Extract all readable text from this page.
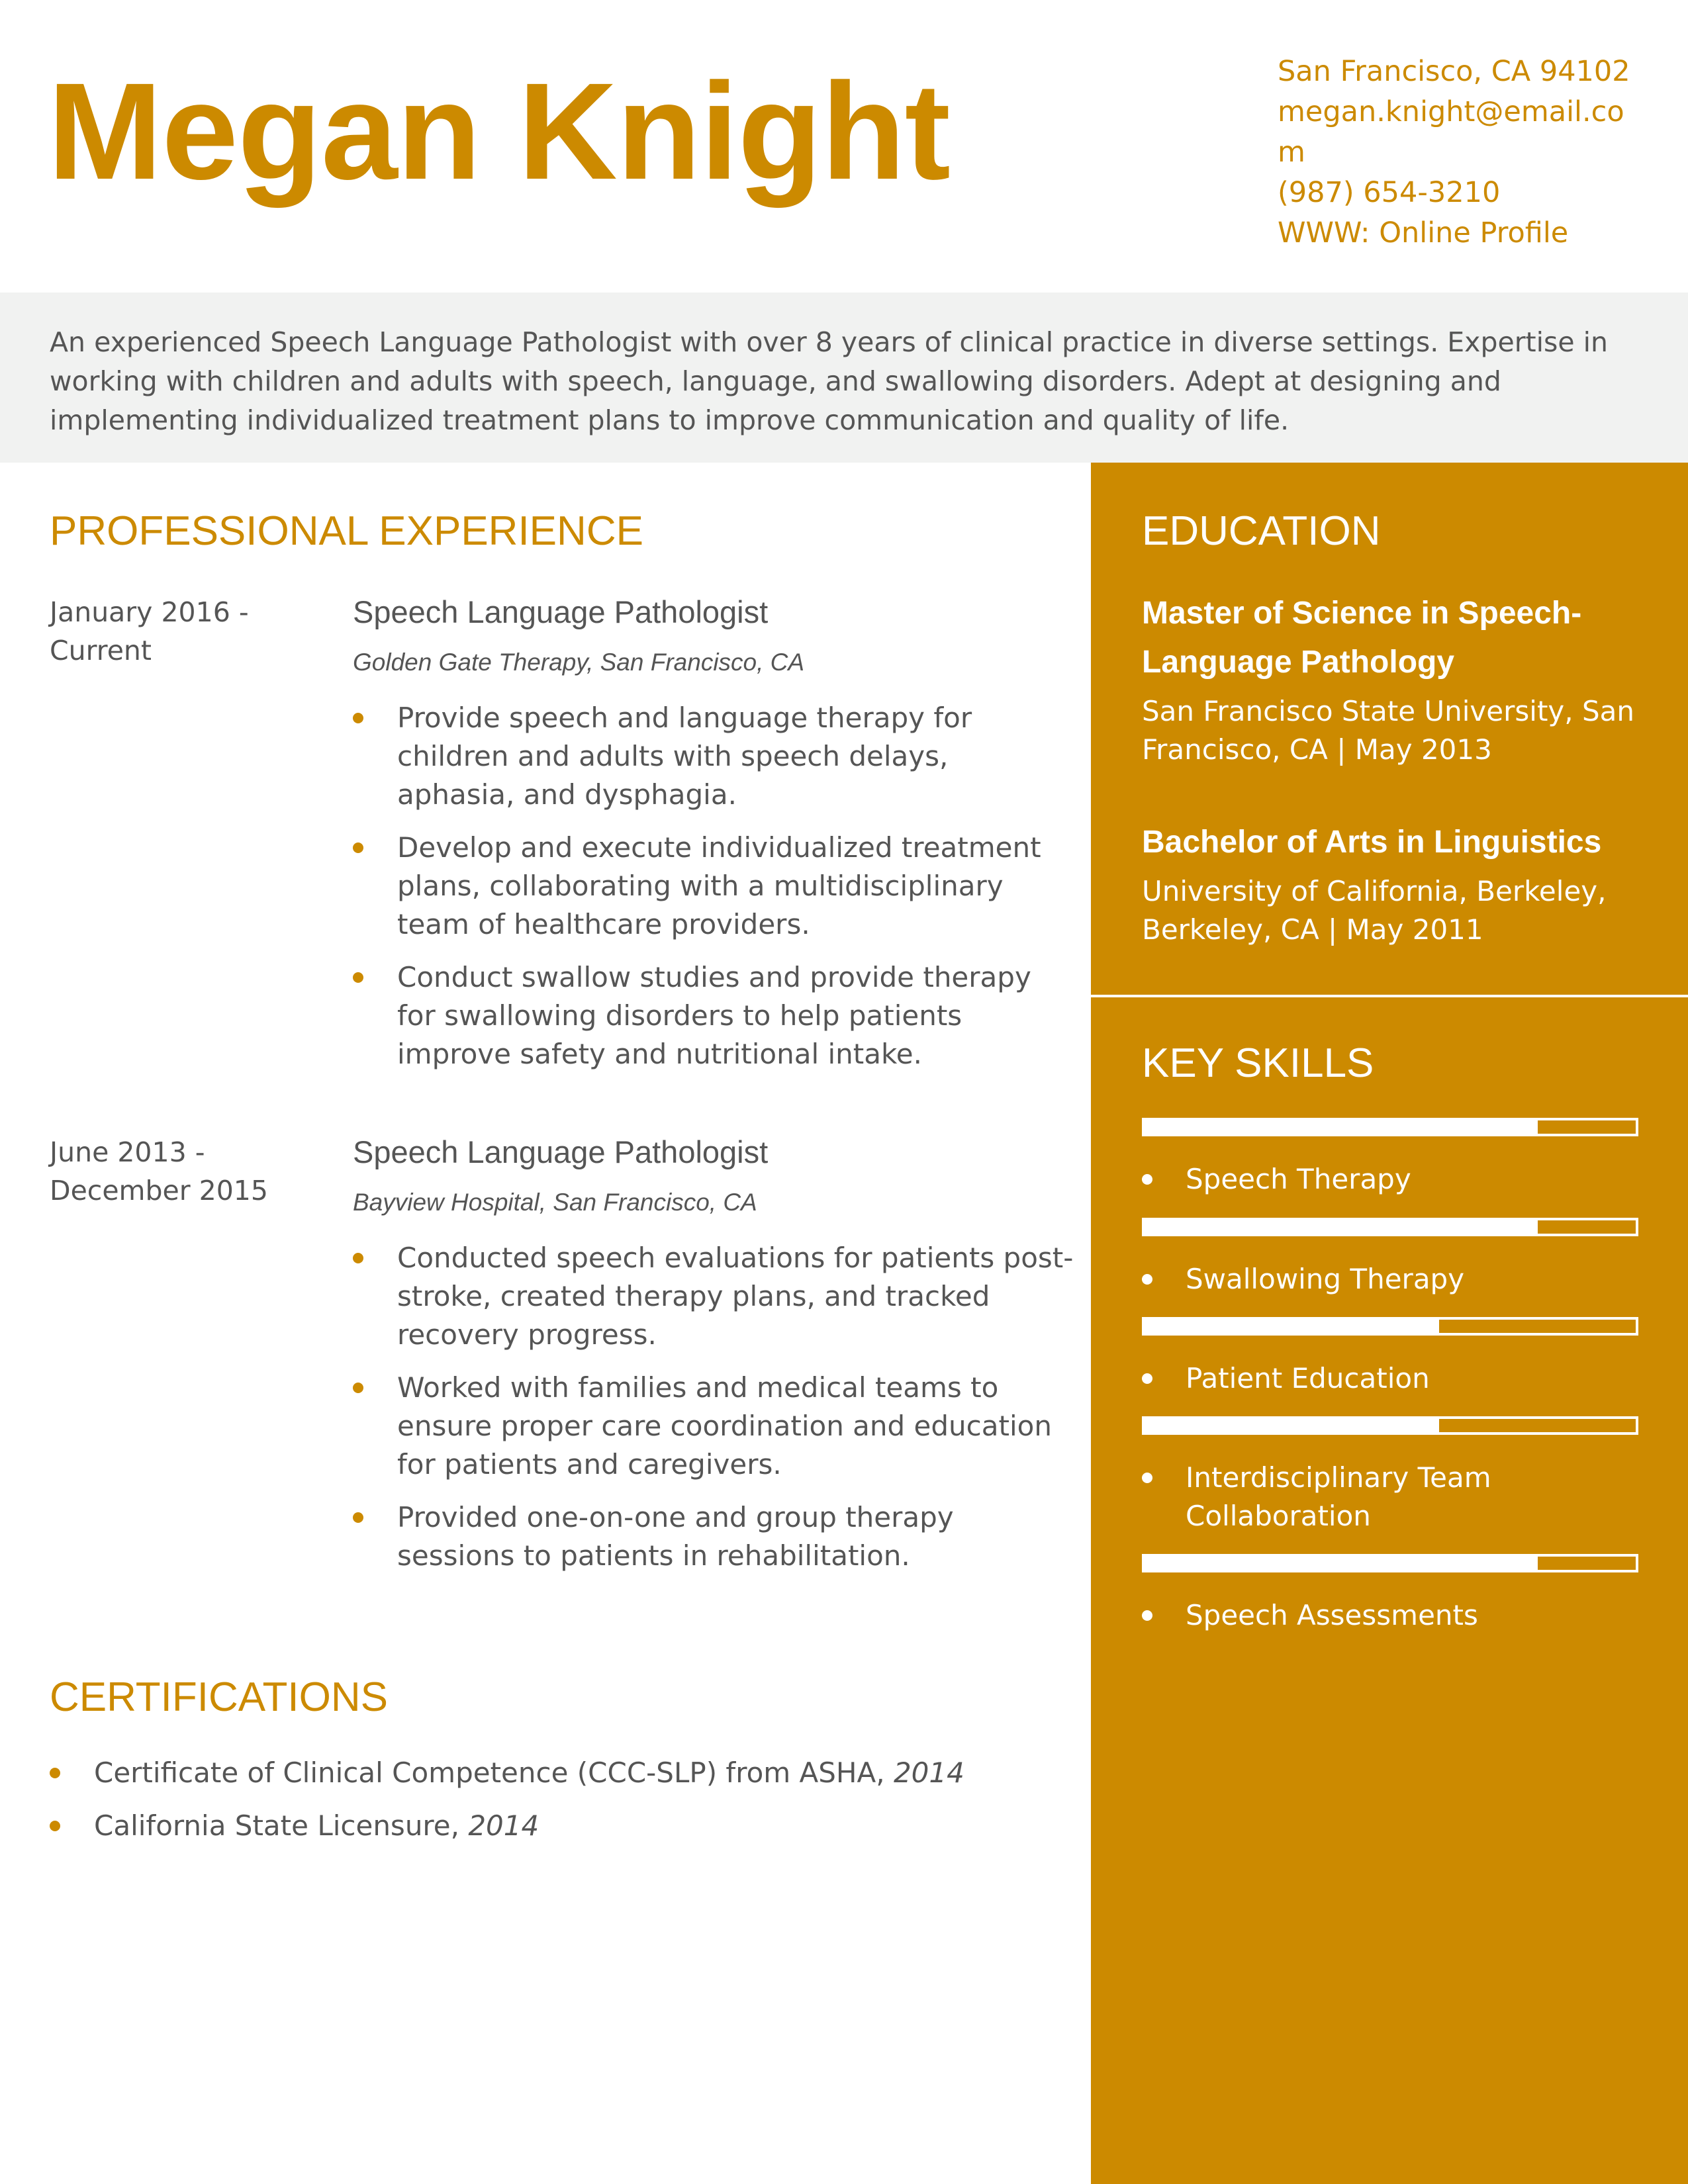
Megan Knight	San Francisco, CA 94102
megan.knight@email.com
(987) 654-3210
WWW: Online Profile
An experienced Speech Language Pathologist with over 8 years of clinical practice in diverse settings. Expertise in working with children and adults with speech, language, and swallowing disorders. Adept at designing and implementing individualized treatment plans to improve communication and quality of life.
PROFESSIONAL EXPERIENCE
January 2016 - Current
Speech Language Pathologist
Golden Gate Therapy, San Francisco, CA
Provide speech and language therapy for children and adults with speech delays, aphasia, and dysphagia.
Develop and execute individualized treatment plans, collaborating with a multidisciplinary team of healthcare providers.
Conduct swallow studies and provide therapy for swallowing disorders to help patients improve safety and nutritional intake.
June 2013 - December 2015
Speech Language Pathologist
Bayview Hospital, San Francisco, CA
Conducted speech evaluations for patients post-stroke, created therapy plans, and tracked recovery progress.
Worked with families and medical teams to ensure proper care coordination and education for patients and caregivers.
Provided one-on-one and group therapy sessions to patients in rehabilitation.
CERTIFICATIONS
Certificate of Clinical Competence (CCC-SLP) from ASHA, 2014
California State Licensure, 2014
EDUCATION
Master of Science in Speech-Language Pathology
San Francisco State University, San Francisco, CA | May 2013
Bachelor of Arts in Linguistics
University of California, Berkeley, Berkeley, CA | May 2011
KEY SKILLS
Speech Therapy
Swallowing Therapy
Patient Education
Interdisciplinary Team Collaboration
Speech Assessments
